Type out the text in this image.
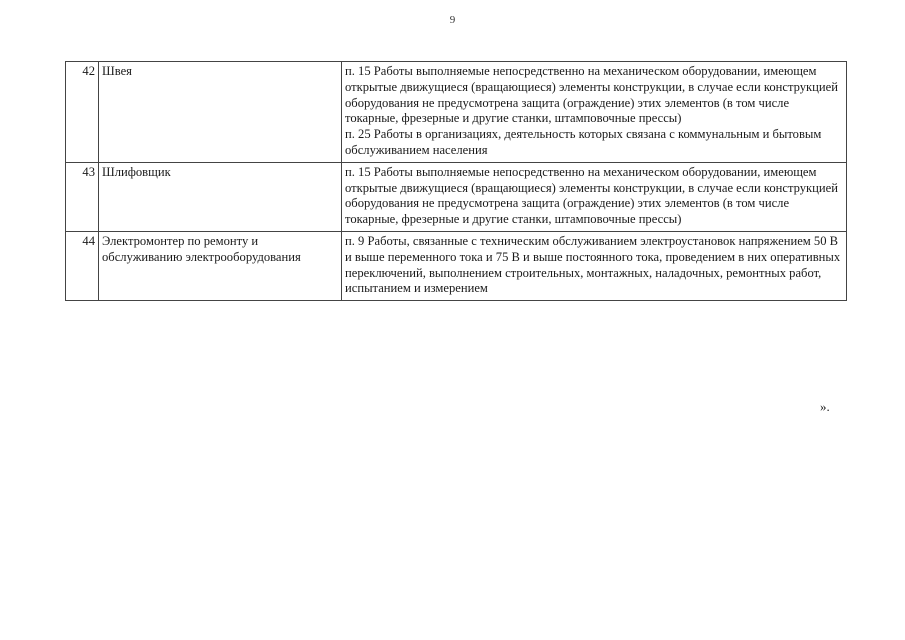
9
42	Швея	п. 15 Работы выполняемые непосредственно на механическом оборудовании, имеющем открытые движущиеся (вращающиеся) элементы конструкции, в случае если конструкцией оборудования не предусмотрена защита (ограждение) этих элементов (в том числе токарные, фрезерные и другие станки, штамповочные прессы)
п. 25 Работы в организациях, деятельность которых связана с коммунальным и бытовым обслуживанием населения

43	Шлифовщик	п. 15 Работы выполняемые непосредственно на механическом оборудовании, имеющем открытые движущиеся (вращающиеся) элементы конструкции, в случае если конструкцией оборудования не предусмотрена защита (ограждение) этих элементов (в том числе токарные, фрезерные и другие станки, штамповочные прессы)

44	Электромонтер по ремонту и обслуживанию электрооборудования	п. 9 Работы, связанные с техническим обслуживанием электроустановок напряжением 50 В и выше переменного тока и 75 В и выше постоянного тока, проведением в них оперативных переключений, выполнением строительных, монтажных, наладочных, ремонтных работ, испытанием и измерением
».
